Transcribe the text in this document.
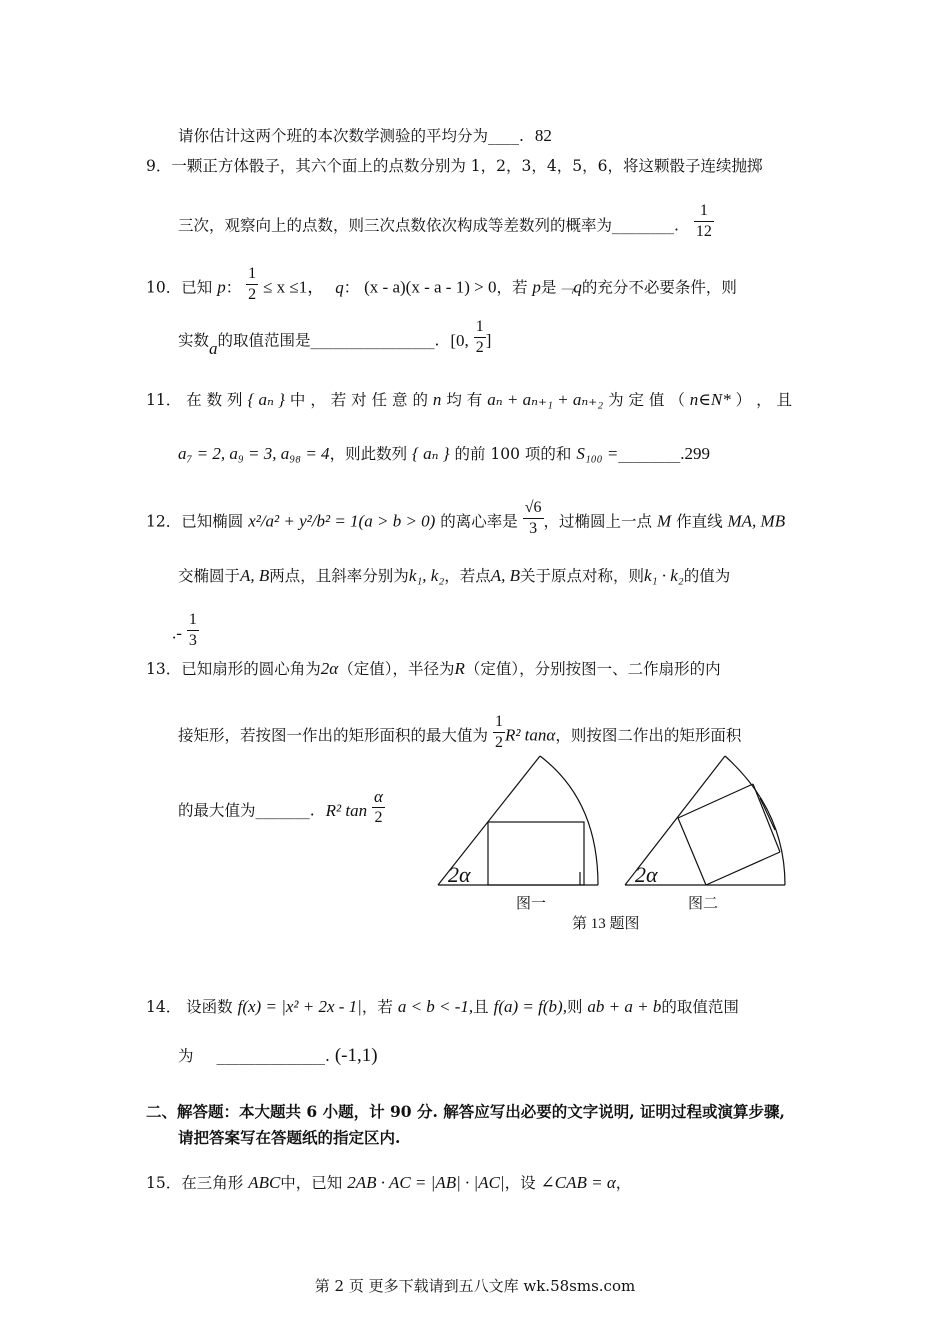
请你估计这两个班的本次数学测验的平均分为____. 82
9．一颗正方体骰子，其六个面上的点数分别为 1，2，3，4，5，6，将这颗骰子连续抛掷
三次，观察向上的点数，则三次点数依次构成等差数列的概率为________. $\frac{1}{12}$
10．已知 p： $\frac{1}{2} \le x \le 1$， q： (x - a)(x - a - 1) > 0，若 p是﹁q的充分不必要条件，则
实数a的取值范围是________________. [0, $\frac{1}{2}$ ]
11． 在 数 列 { aₙ } 中 ， 若 对 任 意 的 n 均 有 aₙ + aₙ₊₁ + aₙ₊₂ 为 定 值 （ n∈N* ） ， 且
a₇ = 2, a₉ = 3, a₉₈ = 4，则此数列 { aₙ } 的前 100 项的和 S₁₀₀ =________.299
12．已知椭圆 x²/a² + y²/b² = 1(a > b > 0) 的离心率是 $\frac{√6}{3}$ ，过椭圆上一点 M 作直线 MA, MB
交椭圆于A, B两点，且斜率分别为k₁, k₂，若点A, B关于原点对称，则k₁ · k₂的值为
.- $\frac{1}{3}$
13．已知扇形的圆心角为2α（定值），半径为R（定值），分别按图一、二作扇形的内
接矩形，若按图一作出的矩形面积的最大值为 $\frac{1}{2} R^2$ tanα，则按图二作出的矩形面积
的最大值为_______. R² $\tan \frac{\alpha}{2}$
2α	2α
图一	图二
第 13 题图
14． 设函数 f(x) = |x² + 2x - 1|，若 a < b < -1,且 f(a) = f(b),则 ab + a + b的取值范围
为 ______________. (-1,1)
二、解答题：本大题共 6 小题，计 90 分. 解答应写出必要的文字说明, 证明过程或演算步骤,
请把答案写在答题纸的指定区内.
15．在三角形 ABC中，已知 2AB · AC = |AB| · |AC|，设 ∠CAB = α，
第 2 页 更多下载请到五八文库 wk.58sms.com
